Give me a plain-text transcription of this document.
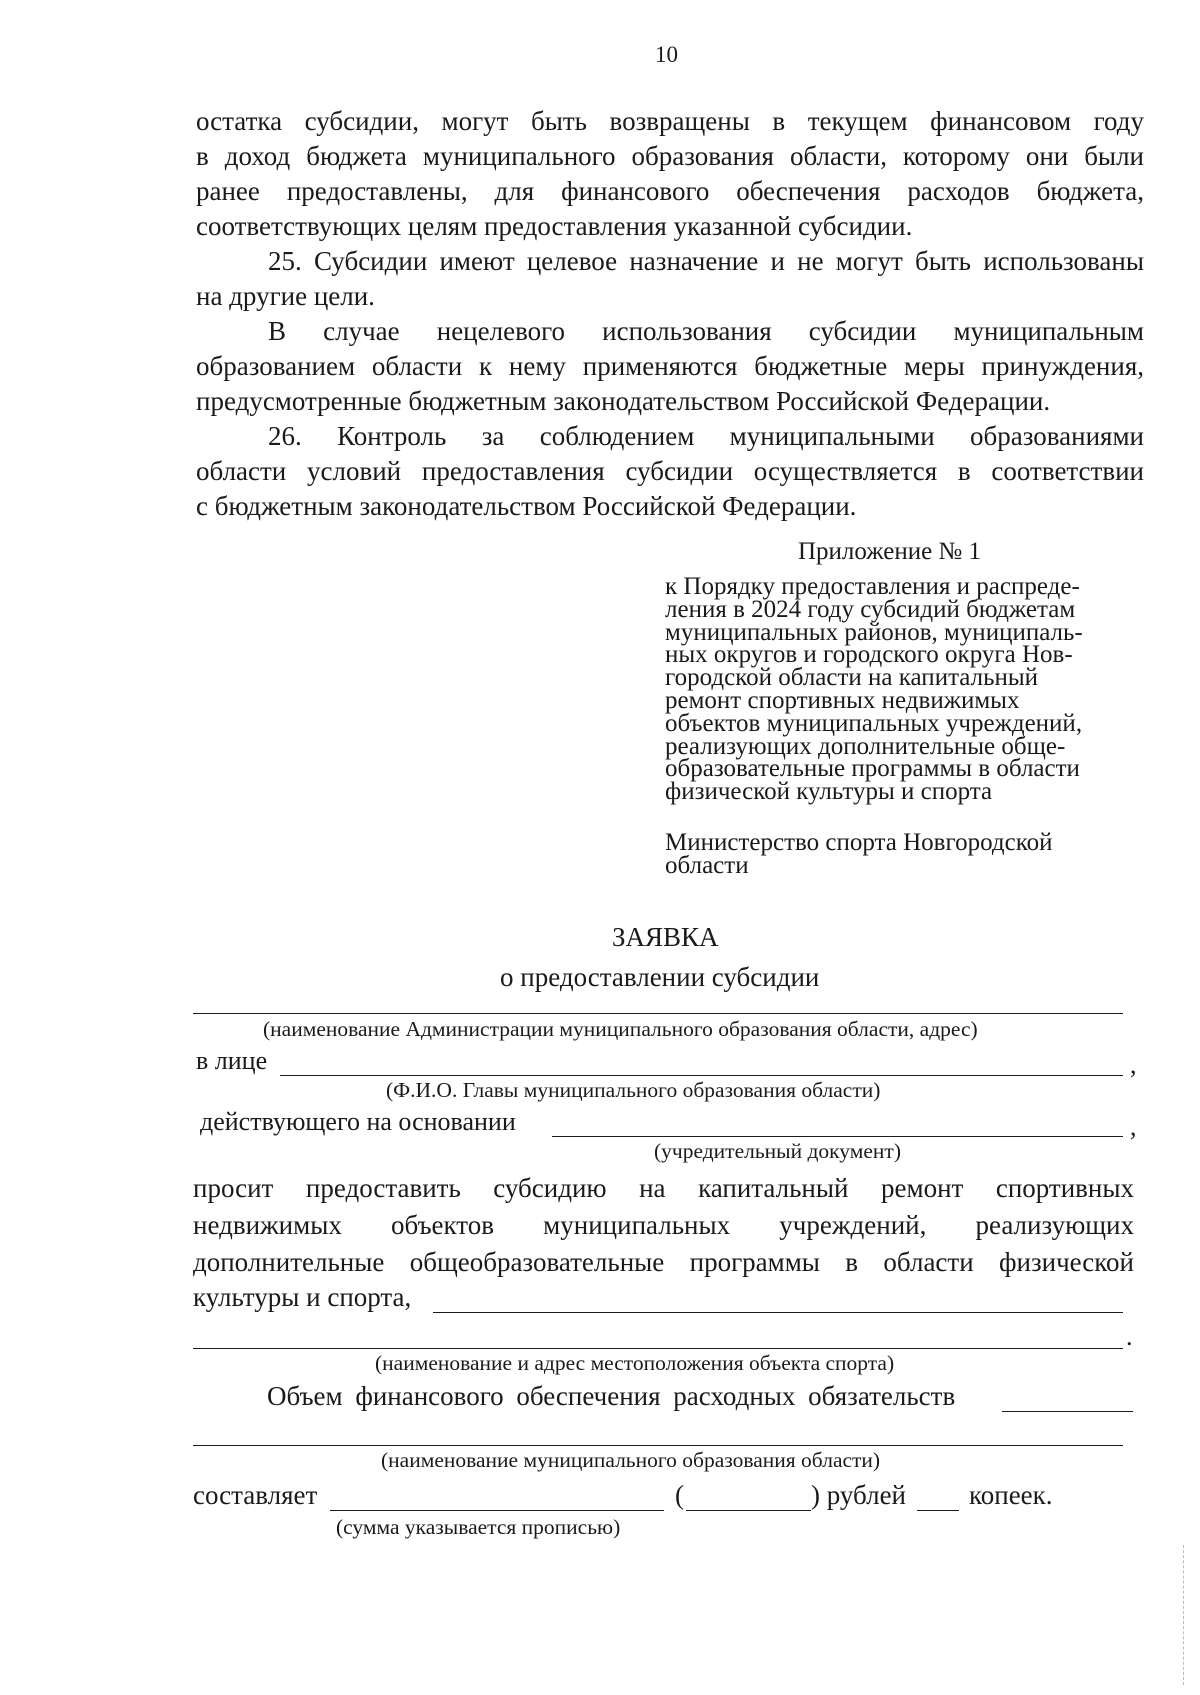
10
остатка субсидии, могут быть возвращены в текущем финансовом году
в доход бюджета муниципального образования области, которому они были
ранее предоставлены, для финансового обеспечения расходов бюджета,
соответствующих целям предоставления указанной субсидии.
25. Субсидии имеют целевое назначение и не могут быть использованы
на другие цели.
В случае нецелевого использования субсидии муниципальным
образованием области к нему применяются бюджетные меры принуждения,
предусмотренные бюджетным законодательством Российской Федерации.
26. Контроль за соблюдением муниципальными образованиями
области условий предоставления субсидии осуществляется в соответствии
с бюджетным законодательством Российской Федерации.
Приложение № 1
к Порядку предоставления и распреде-
ления в 2024 году субсидий бюджетам
муниципальных районов, муниципаль-
ных округов и городского округа Нов-
городской области на капитальный
ремонт спортивных недвижимых
объектов муниципальных учреждений,
реализующих дополнительные обще-
образовательные программы в области
физической культуры и спорта
Министерство спорта Новгородской
области
ЗАЯВКА
о предоставлении субсидии
(наименование Администрации муниципального образования области, адрес)
в лице	,
(Ф.И.О. Главы муниципального образования области)
действующего на основании	,
(учредительный документ)
просит предоставить субсидию на капитальный ремонт спортивных
недвижимых объектов муниципальных учреждений, реализующих
дополнительные общеобразовательные программы в области физической
культуры и спорта,
.
(наименование и адрес местоположения объекта спорта)
Объем финансового обеспечения расходных обязательств
(наименование муниципального образования области)
составляет	(	) рублей копеек.
(сумма указывается прописью)
